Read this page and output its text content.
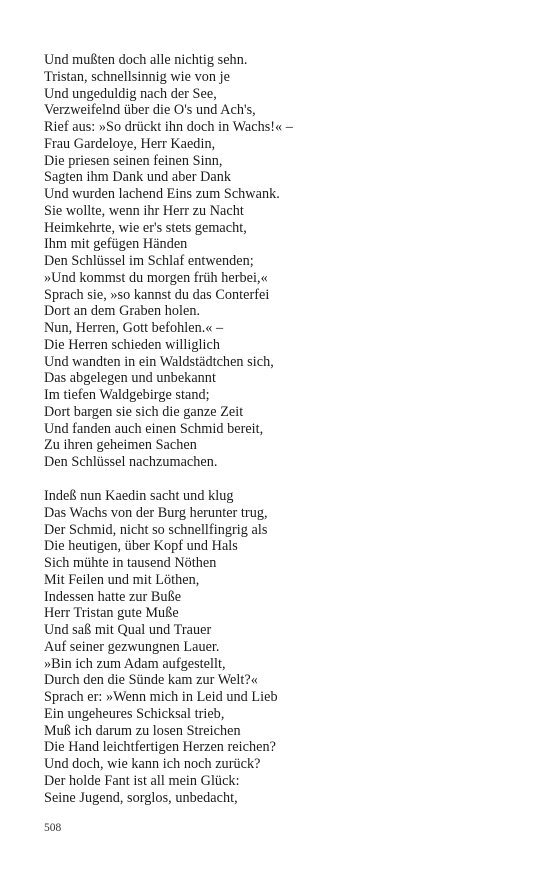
Und mußten doch alle nichtig sehn.
Tristan, schnellsinnig wie von je
Und ungeduldig nach der See,
Verzweifelnd über die O's und Ach's,
Rief aus: »So drückt ihn doch in Wachs!« –
Frau Gardeloye, Herr Kaedin,
Die priesen seinen feinen Sinn,
Sagten ihm Dank und aber Dank
Und wurden lachend Eins zum Schwank.
Sie wollte, wenn ihr Herr zu Nacht
Heimkehrte, wie er's stets gemacht,
Ihm mit gefügen Händen
Den Schlüssel im Schlaf entwenden;
»Und kommst du morgen früh herbei,«
Sprach sie, »so kannst du das Conterfei
Dort an dem Graben holen.
Nun, Herren, Gott befohlen.« –
Die Herren schieden williglich
Und wandten in ein Waldstädtchen sich,
Das abgelegen und unbekannt
Im tiefen Waldgebirge stand;
Dort bargen sie sich die ganze Zeit
Und fanden auch einen Schmid bereit,
Zu ihren geheimen Sachen
Den Schlüssel nachzumachen.
Indeß nun Kaedin sacht und klug
Das Wachs von der Burg herunter trug,
Der Schmid, nicht so schnellfingrig als
Die heutigen, über Kopf und Hals
Sich mühte in tausend Nöthen
Mit Feilen und mit Löthen,
Indessen hatte zur Buße
Herr Tristan gute Muße
Und saß mit Qual und Trauer
Auf seiner gezwungnen Lauer.
»Bin ich zum Adam aufgestellt,
Durch den die Sünde kam zur Welt?«
Sprach er: »Wenn mich in Leid und Lieb
Ein ungeheures Schicksal trieb,
Muß ich darum zu losen Streichen
Die Hand leichtfertigen Herzen reichen?
Und doch, wie kann ich noch zurück?
Der holde Fant ist all mein Glück:
Seine Jugend, sorglos, unbedacht,
508
